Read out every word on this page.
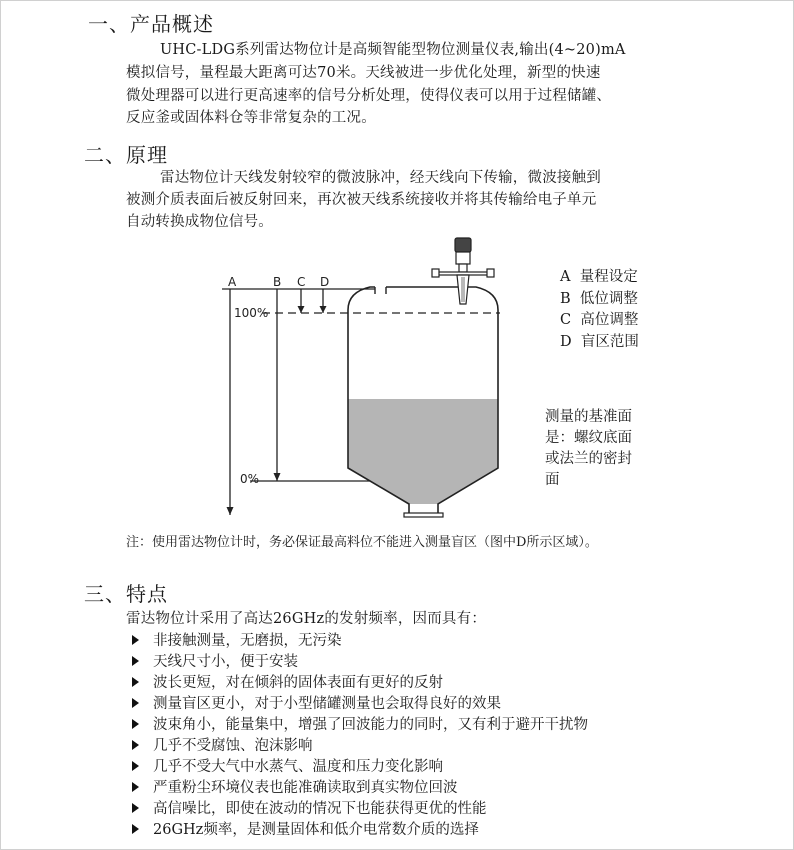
一、产品概述
UHC-LDG系列雷达物位计是高频智能型物位测量仪表,输出(4~20)mA
模拟信号，量程最大距离可达70米。天线被进一步优化处理，新型的快速
微处理器可以进行更高速率的信号分析处理，使得仪表可以用于过程储罐、
反应釜或固体料仓等非常复杂的工况。
二、原理
雷达物位计天线发射较窄的微波脉冲，经天线向下传输，微波接触到
被测介质表面后被反射回来，再次被天线系统接收并将其传输给电子单元
自动转换成物位信号。
A	B C D
100%
0%
A 量程设定
B 低位调整
C 高位调整
D 盲区范围
测量的基准面
是：螺纹底面
或法兰的密封
面
注：使用雷达物位计时，务必保证最高料位不能进入测量盲区（图中D所示区域）。
三、特点
雷达物位计采用了高达26GHz的发射频率，因而具有：
非接触测量，无磨损，无污染
天线尺寸小，便于安装
波长更短，对在倾斜的固体表面有更好的反射
测量盲区更小，对于小型储罐测量也会取得良好的效果
波束角小，能量集中，增强了回波能力的同时，又有利于避开干扰物
几乎不受腐蚀、泡沫影响
几乎不受大气中水蒸气、温度和压力变化影响
严重粉尘环境仪表也能准确读取到真实物位回波
高信噪比，即使在波动的情况下也能获得更优的性能
26GHz频率，是测量固体和低介电常数介质的选择
